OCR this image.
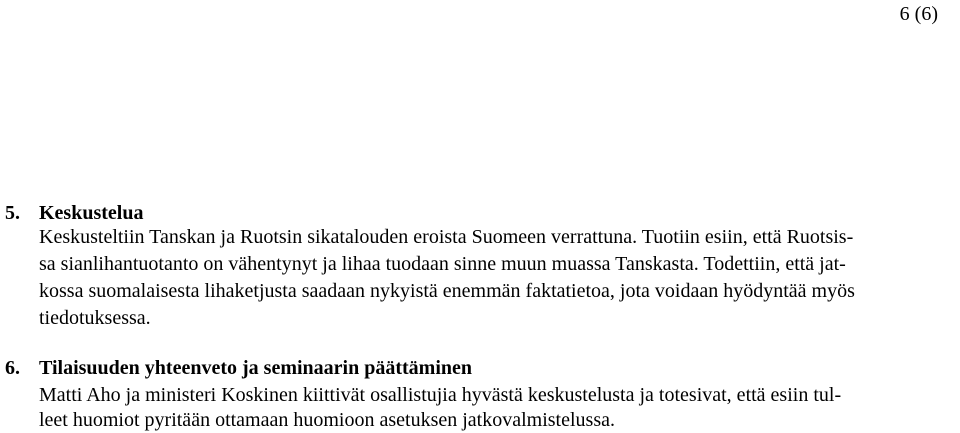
6 (6)
5. Keskustelua
Keskusteltiin Tanskan ja Ruotsin sikatalouden eroista Suomeen verrattuna. Tuotiin esiin, että Ruotsis-
sa sianlihantuotanto on vähentynyt ja lihaa tuodaan sinne muun muassa Tanskasta. Todettiin, että jat-
kossa suomalaisesta lihaketjusta saadaan nykyistä enemmän faktatietoa, jota voidaan hyödyntää myös
tiedotuksessa.
6. Tilaisuuden yhteenveto ja seminaarin päättäminen
Matti Aho ja ministeri Koskinen kiittivät osallistujia hyvästä keskustelusta ja totesivat, että esiin tul-
leet huomiot pyritään ottamaan huomioon asetuksen jatkovalmistelussa.
